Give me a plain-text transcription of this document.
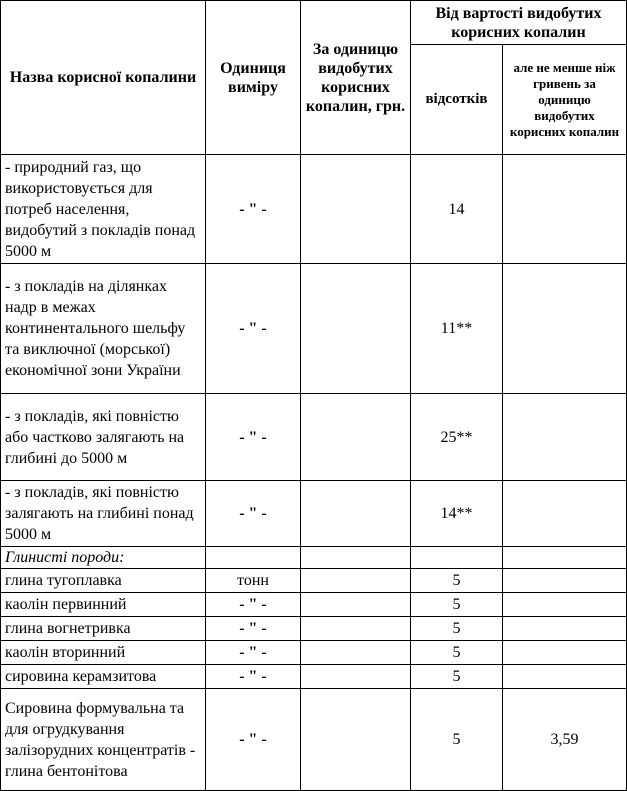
Назва корисної копалини	Одиниця виміру	За одиницю видобутих корисних копалин, грн.	Від вартості видобутих корисних копалин	
			відсотків	але не менше ніж гривень за одиницю видобутих корисних копалин
- природний газ, що використовується для потреб населення, видобутий з покладів понад 5000 м	- " -		14	
- з покладів на ділянках надр в межах континентального шельфу та виключної (морської) економічної зони України	- " -		11**	
- з покладів, які повністю або частково залягають на глибині до 5000 м	- " -		25**	
- з покладів, які повністю залягають на глибині понад 5000 м	- " -		14**	
Глинисті породи:				
глина тугоплавка	тонн		5	
каолін первинний	- " -		5	
глина вогнетривка	- " -		5	
каолін вторинний	- " -		5	
сировина керамзитова	- " -		5	
Сировина формувальна та для огрудкування залізорудних концентратів - глина бентонітова	- " -		5	3,59
